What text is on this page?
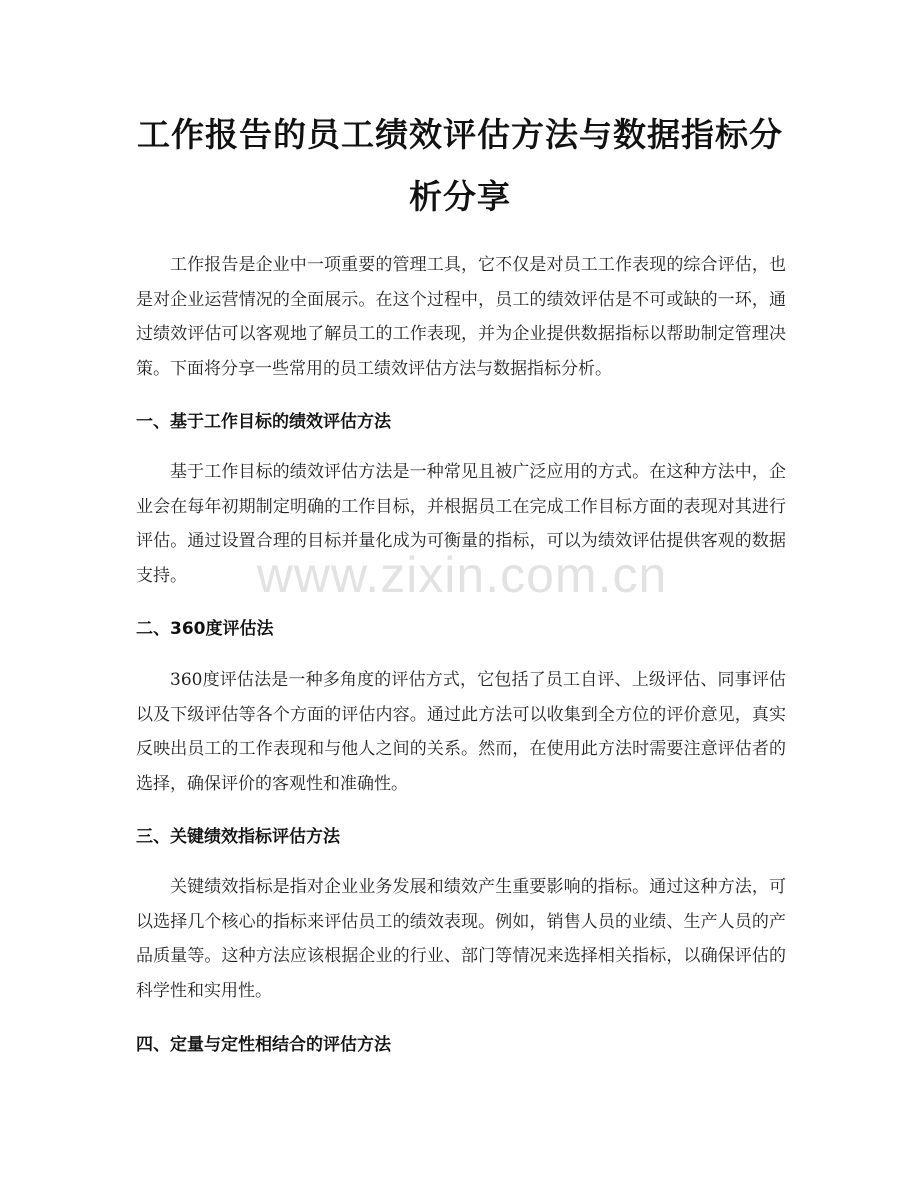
工作报告的员工绩效评估方法与数据指标分析分享

工作报告是企业中一项重要的管理工具，它不仅是对员工工作表现的综合评估，也是对企业运营情况的全面展示。在这个过程中，员工的绩效评估是不可或缺的一环，通过绩效评估可以客观地了解员工的工作表现，并为企业提供数据指标以帮助制定管理决策。下面将分享一些常用的员工绩效评估方法与数据指标分析。

一、基于工作目标的绩效评估方法

基于工作目标的绩效评估方法是一种常见且被广泛应用的方式。在这种方法中，企业会在每年初期制定明确的工作目标，并根据员工在完成工作目标方面的表现对其进行评估。通过设置合理的目标并量化成为可衡量的指标，可以为绩效评估提供客观的数据支持。

二、360度评估法

360度评估法是一种多角度的评估方式，它包括了员工自评、上级评估、同事评估以及下级评估等各个方面的评估内容。通过此方法可以收集到全方位的评价意见，真实反映出员工的工作表现和与他人之间的关系。然而，在使用此方法时需要注意评估者的选择，确保评价的客观性和准确性。

三、关键绩效指标评估方法

关键绩效指标是指对企业业务发展和绩效产生重要影响的指标。通过这种方法，可以选择几个核心的指标来评估员工的绩效表现。例如，销售人员的业绩、生产人员的产品质量等。这种方法应该根据企业的行业、部门等情况来选择相关指标，以确保评估的科学性和实用性。

四、定量与定性相结合的评估方法
www.zixin.com.cn
